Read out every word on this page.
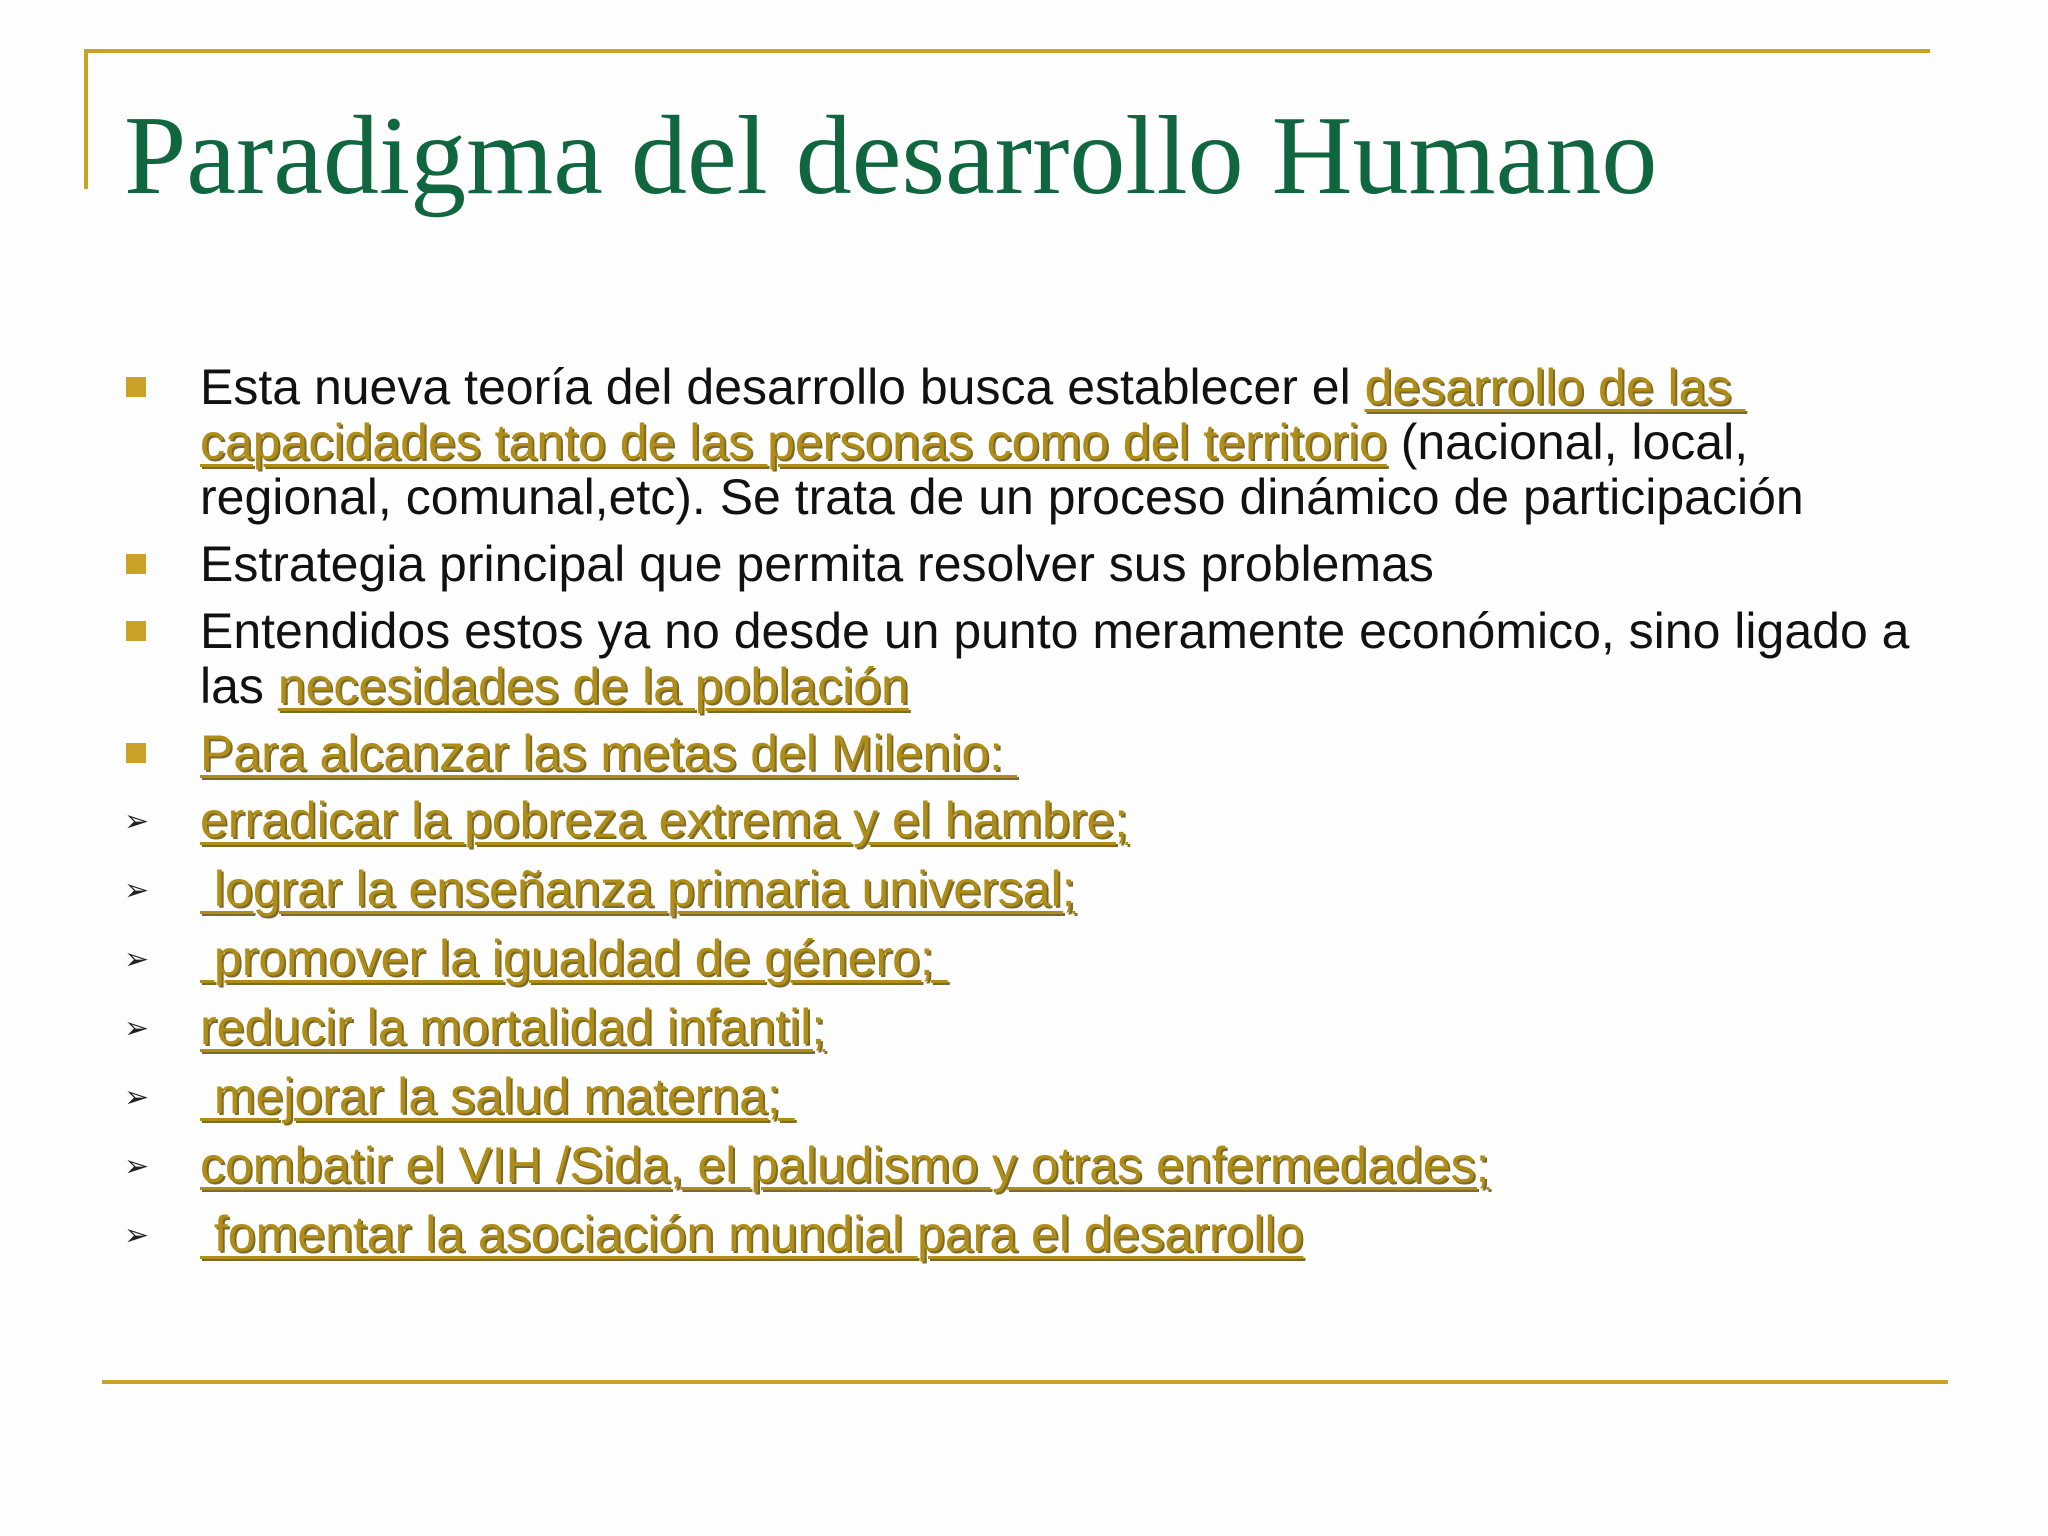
Paradigma del desarrollo Humano
Esta nueva teoría del desarrollo busca establecer el desarrollo de las capacidades tanto de las personas como del territorio (nacional, local, regional, comunal,etc). Se trata de un proceso dinámico de participación
Estrategia principal que permita resolver sus problemas
Entendidos estos ya no desde un punto meramente económico, sino ligado a las necesidades de la población
Para alcanzar las metas del Milenio:
➢ erradicar la pobreza extrema y el hambre;
➢ lograr la enseñanza primaria universal;
➢ promover la igualdad de género;
➢ reducir la mortalidad infantil;
➢ mejorar la salud materna;
➢ combatir el VIH /Sida, el paludismo y otras enfermedades;
➢ fomentar la asociación mundial para el desarrollo
